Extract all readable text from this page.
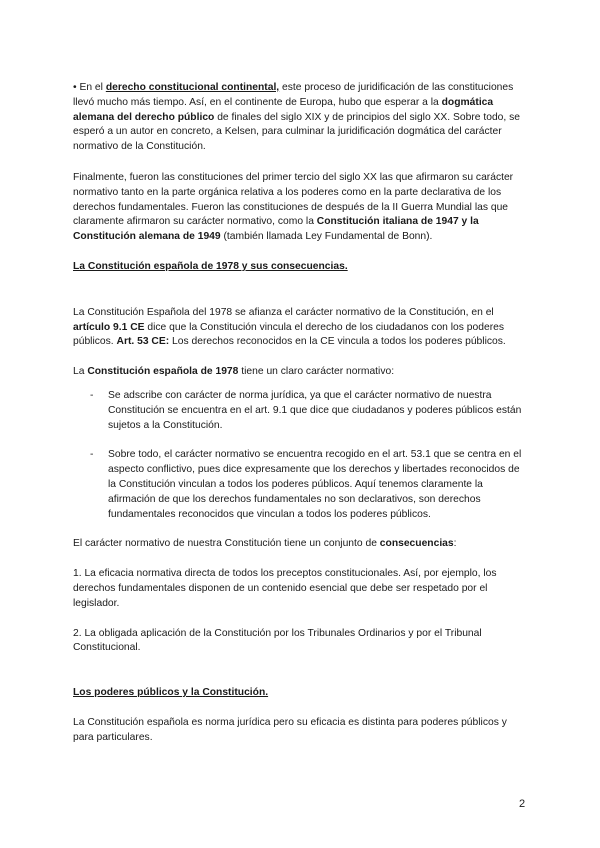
• En el derecho constitucional continental, este proceso de juridificación de las constituciones llevó mucho más tiempo. Así, en el continente de Europa, hubo que esperar a la dogmática alemana del derecho público de finales del siglo XIX y de principios del siglo XX. Sobre todo, se esperó a un autor en concreto, a Kelsen, para culminar la juridificación dogmática del carácter normativo de la Constitución.

Finalmente, fueron las constituciones del primer tercio del siglo XX las que afirmaron su carácter normativo tanto en la parte orgánica relativa a los poderes como en la parte declarativa de los derechos fundamentales. Fueron las constituciones de después de la II Guerra Mundial las que claramente afirmaron su carácter normativo, como la Constitución italiana de 1947 y la Constitución alemana de 1949 (también llamada Ley Fundamental de Bonn).

La Constitución española de 1978 y sus consecuencias.

La Constitución Española del 1978 se afianza el carácter normativo de la Constitución, en el artículo 9.1 CE dice que la Constitución vincula el derecho de los ciudadanos con los poderes públicos. Art. 53 CE: Los derechos reconocidos en la CE vincula a todos los poderes públicos.

La Constitución española de 1978 tiene un claro carácter normativo:

- Se adscribe con carácter de norma jurídica, ya que el carácter normativo de nuestra Constitución se encuentra en el art. 9.1 que dice que ciudadanos y poderes públicos están sujetos a la Constitución.

- Sobre todo, el carácter normativo se encuentra recogido en el art. 53.1 que se centra en el aspecto conflictivo, pues dice expresamente que los derechos y libertades reconocidos de la Constitución vinculan a todos los poderes públicos. Aquí tenemos claramente la afirmación de que los derechos fundamentales no son declarativos, son derechos fundamentales reconocidos que vinculan a todos los poderes públicos.

El carácter normativo de nuestra Constitución tiene un conjunto de consecuencias:

1. La eficacia normativa directa de todos los preceptos constitucionales. Así, por ejemplo, los derechos fundamentales disponen de un contenido esencial que debe ser respetado por el legislador.

2. La obligada aplicación de la Constitución por los Tribunales Ordinarios y por el Tribunal Constitucional.

Los poderes públicos y la Constitución.

La Constitución española es norma jurídica pero su eficacia es distinta para poderes públicos y para particulares.

2
